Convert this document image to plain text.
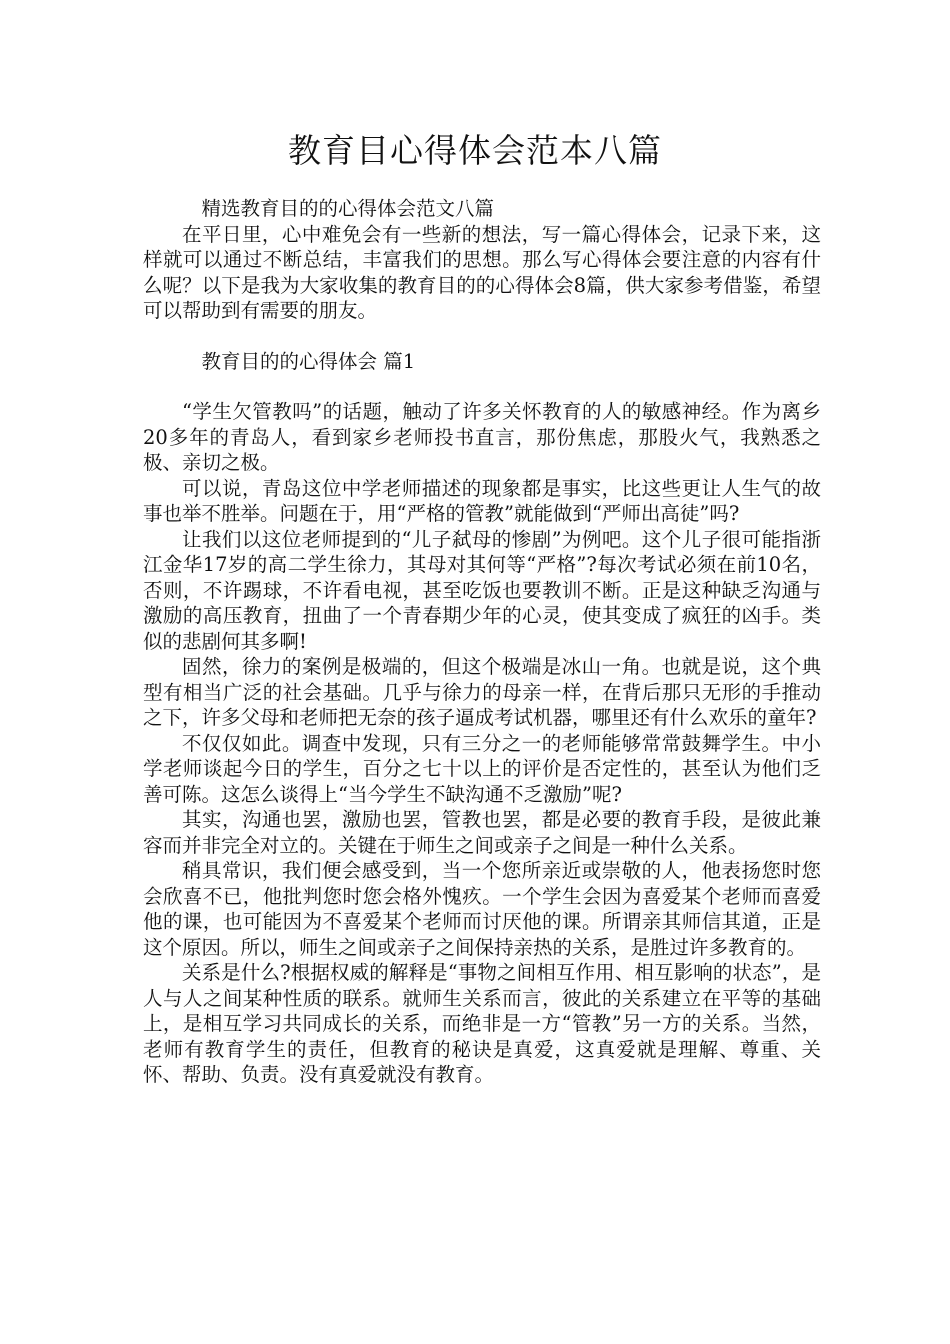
教育目心得体会范本八篇

精选教育目的的心得体会范文八篇

在平日里，心中难免会有一些新的想法，写一篇心得体会，记录下来，这样就可以通过不断总结，丰富我们的思想。那么写心得体会要注意的内容有什么呢？以下是我为大家收集的教育目的的心得体会8篇，供大家参考借鉴，希望可以帮助到有需要的朋友。

教育目的的心得体会 篇1

“学生欠管教吗”的话题，触动了许多关怀教育的人的敏感神经。作为离乡20多年的青岛人，看到家乡老师投书直言，那份焦虑，那股火气，我熟悉之极、亲切之极。

可以说，青岛这位中学老师描述的现象都是事实，比这些更让人生气的故事也举不胜举。问题在于，用“严格的管教”就能做到“严师出高徒”吗?

让我们以这位老师提到的“儿子弑母的惨剧”为例吧。这个儿子很可能指浙江金华17岁的高二学生徐力，其母对其何等“严格”?每次考试必须在前10名，否则，不许踢球，不许看电视，甚至吃饭也要教训不断。正是这种缺乏沟通与激励的高压教育，扭曲了一个青春期少年的心灵，使其变成了疯狂的凶手。类似的悲剧何其多啊!

固然，徐力的案例是极端的，但这个极端是冰山一角。也就是说，这个典型有相当广泛的社会基础。几乎与徐力的母亲一样，在背后那只无形的手推动之下，许多父母和老师把无奈的孩子逼成考试机器，哪里还有什么欢乐的童年?

不仅仅如此。调查中发现，只有三分之一的老师能够常常鼓舞学生。中小学老师谈起今日的学生，百分之七十以上的评价是否定性的，甚至认为他们乏善可陈。这怎么谈得上“当今学生不缺沟通不乏激励”呢?

其实，沟通也罢，激励也罢，管教也罢，都是必要的教育手段，是彼此兼容而并非完全对立的。关键在于师生之间或亲子之间是一种什么关系。

稍具常识，我们便会感受到，当一个您所亲近或崇敬的人，他表扬您时您会欣喜不已，他批判您时您会格外愧疚。一个学生会因为喜爱某个老师而喜爱他的课，也可能因为不喜爱某个老师而讨厌他的课。所谓亲其师信其道，正是这个原因。所以，师生之间或亲子之间保持亲热的关系，是胜过许多教育的。

关系是什么?根据权威的解释是“事物之间相互作用、相互影响的状态”，是人与人之间某种性质的联系。就师生关系而言，彼此的关系建立在平等的基础上，是相互学习共同成长的关系，而绝非是一方“管教”另一方的关系。当然，老师有教育学生的责任，但教育的秘诀是真爱，这真爱就是理解、尊重、关怀、帮助、负责。没有真爱就没有教育。
